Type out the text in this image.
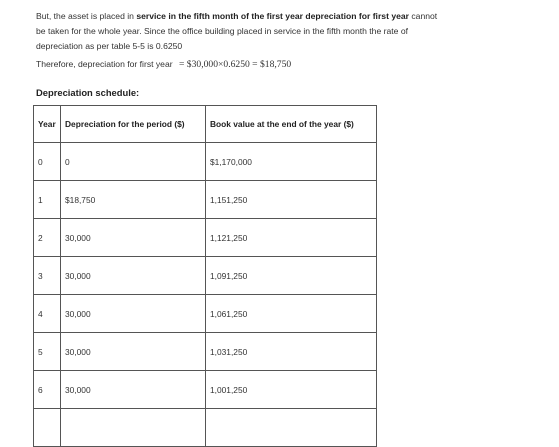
But, the asset is placed in service in the fifth month of the first year depreciation for first year cannot be taken for the whole year. Since the office building placed in service in the fifth month the rate of depreciation as per table 5-5 is 0.6250
Therefore, depreciation for first year = $30,000×0.6250 = $18,750
Depreciation schedule:
Year	Depreciation for the period ($)	Book value at the end of the year ($)
0	0	$1,170,000
1	$18,750	1,151,250
2	30,000	1,121,250
3	30,000	1,091,250
4	30,000	1,061,250
5	30,000	1,031,250
6	30,000	1,001,250
